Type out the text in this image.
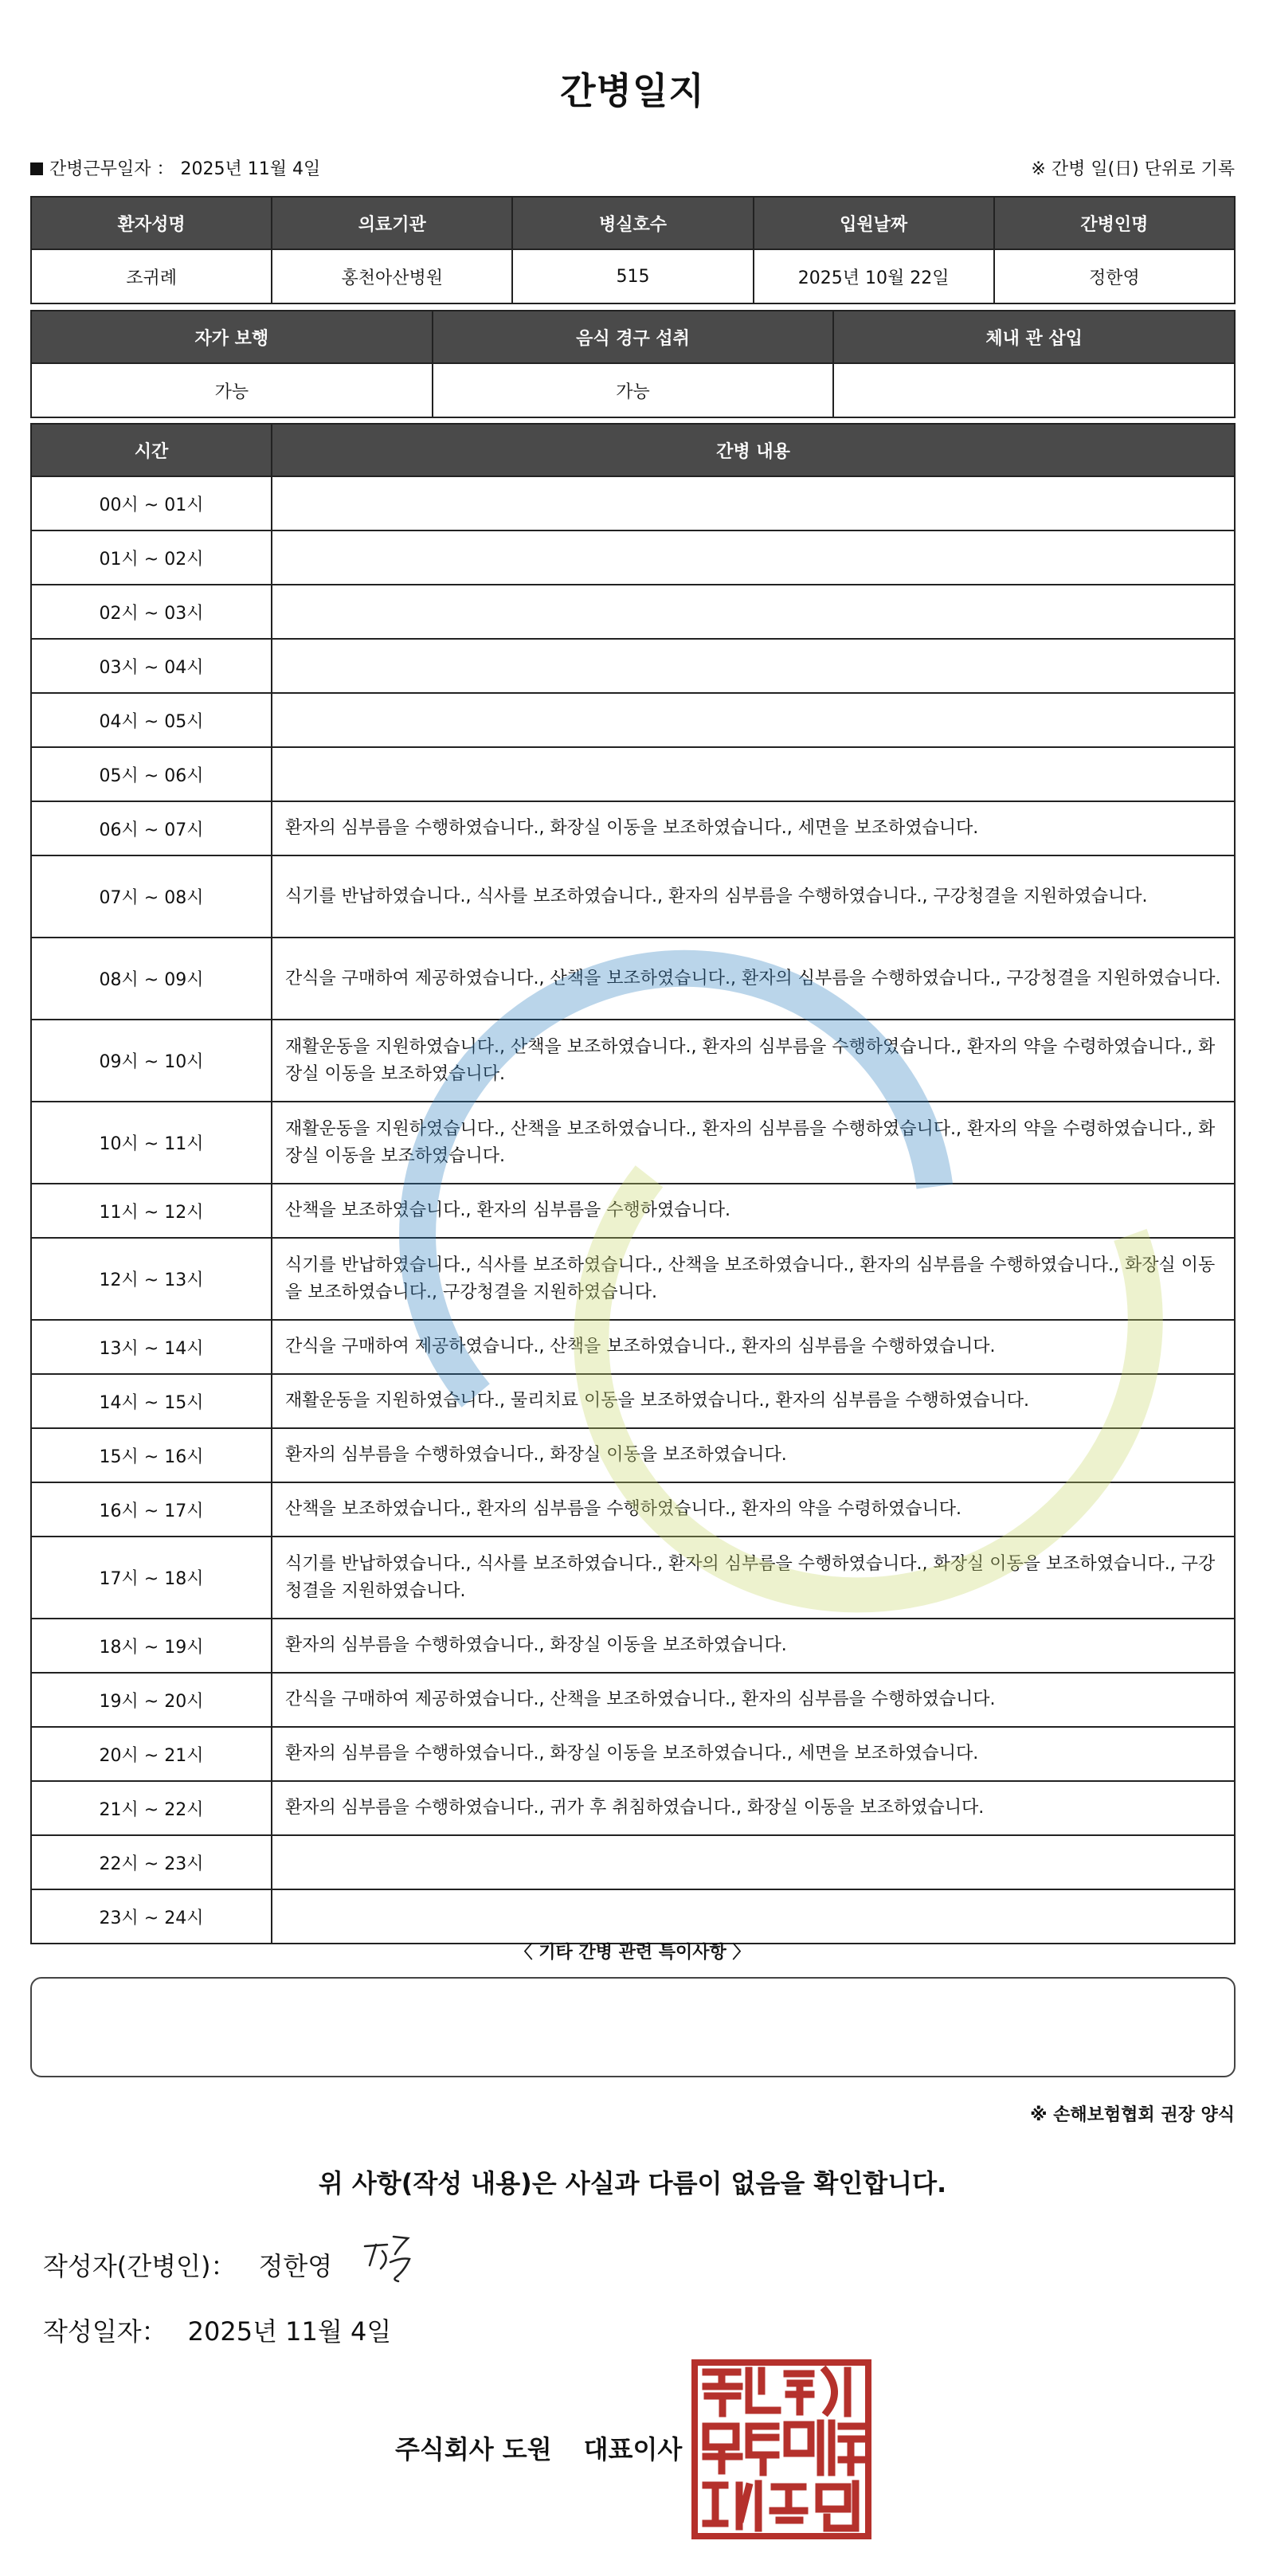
간병일지
간병근무일자 ： 2025년 11월 4일	※ 간병 일(日) 단위로 기록
환자성명	의료기관	병실호수	입원날짜	간병인명
조귀례	홍천아산병원	515	2025년 10월 22일	정한영
자가 보행	음식 경구 섭취	체내 관 삽입
가능	가능	
시간	간병 내용
00시 ~ 01시	
01시 ~ 02시	
02시 ~ 03시	
03시 ~ 04시	
04시 ~ 05시	
05시 ~ 06시	
06시 ~ 07시	환자의 심부름을 수행하였습니다., 화장실 이동을 보조하였습니다., 세면을 보조하였습니다.
07시 ~ 08시	식기를 반납하였습니다., 식사를 보조하였습니다., 환자의 심부름을 수행하였습니다., 구강청결을 지원하였습니다.
08시 ~ 09시	간식을 구매하여 제공하였습니다., 산책을 보조하였습니다., 환자의 심부름을 수행하였습니다., 구강청결을 지원하였습니다.
09시 ~ 10시	재활운동을 지원하였습니다., 산책을 보조하였습니다., 환자의 심부름을 수행하였습니다., 환자의 약을 수령하였습니다., 화장실 이동을 보조하였습니다.
10시 ~ 11시	재활운동을 지원하였습니다., 산책을 보조하였습니다., 환자의 심부름을 수행하였습니다., 환자의 약을 수령하였습니다., 화장실 이동을 보조하였습니다.
11시 ~ 12시	산책을 보조하였습니다., 환자의 심부름을 수행하였습니다.
12시 ~ 13시	식기를 반납하였습니다., 식사를 보조하였습니다., 산책을 보조하였습니다., 환자의 심부름을 수행하였습니다., 화장실 이동을 보조하였습니다., 구강청결을 지원하였습니다.
13시 ~ 14시	간식을 구매하여 제공하였습니다., 산책을 보조하였습니다., 환자의 심부름을 수행하였습니다.
14시 ~ 15시	재활운동을 지원하였습니다., 물리치료 이동을 보조하였습니다., 환자의 심부름을 수행하였습니다.
15시 ~ 16시	환자의 심부름을 수행하였습니다., 화장실 이동을 보조하였습니다.
16시 ~ 17시	산책을 보조하였습니다., 환자의 심부름을 수행하였습니다., 환자의 약을 수령하였습니다.
17시 ~ 18시	식기를 반납하였습니다., 식사를 보조하였습니다., 환자의 심부름을 수행하였습니다., 화장실 이동을 보조하였습니다., 구강청결을 지원하였습니다.
18시 ~ 19시	환자의 심부름을 수행하였습니다., 화장실 이동을 보조하였습니다.
19시 ~ 20시	간식을 구매하여 제공하였습니다., 산책을 보조하였습니다., 환자의 심부름을 수행하였습니다.
20시 ~ 21시	환자의 심부름을 수행하였습니다., 화장실 이동을 보조하였습니다., 세면을 보조하였습니다.
21시 ~ 22시	환자의 심부름을 수행하였습니다., 귀가 후 취침하였습니다., 화장실 이동을 보조하였습니다.
22시 ~ 23시	
23시 ~ 24시	
〈 기타 간병 관련 특이사항 〉
※ 손해보험협회 권장 양식
위 사항(작성 내용)은 사실과 다름이 없음을 확인합니다.
작성자(간병인)： 정한영
작성일자： 2025년 11월 4일
주식회사 도원 대표이사
